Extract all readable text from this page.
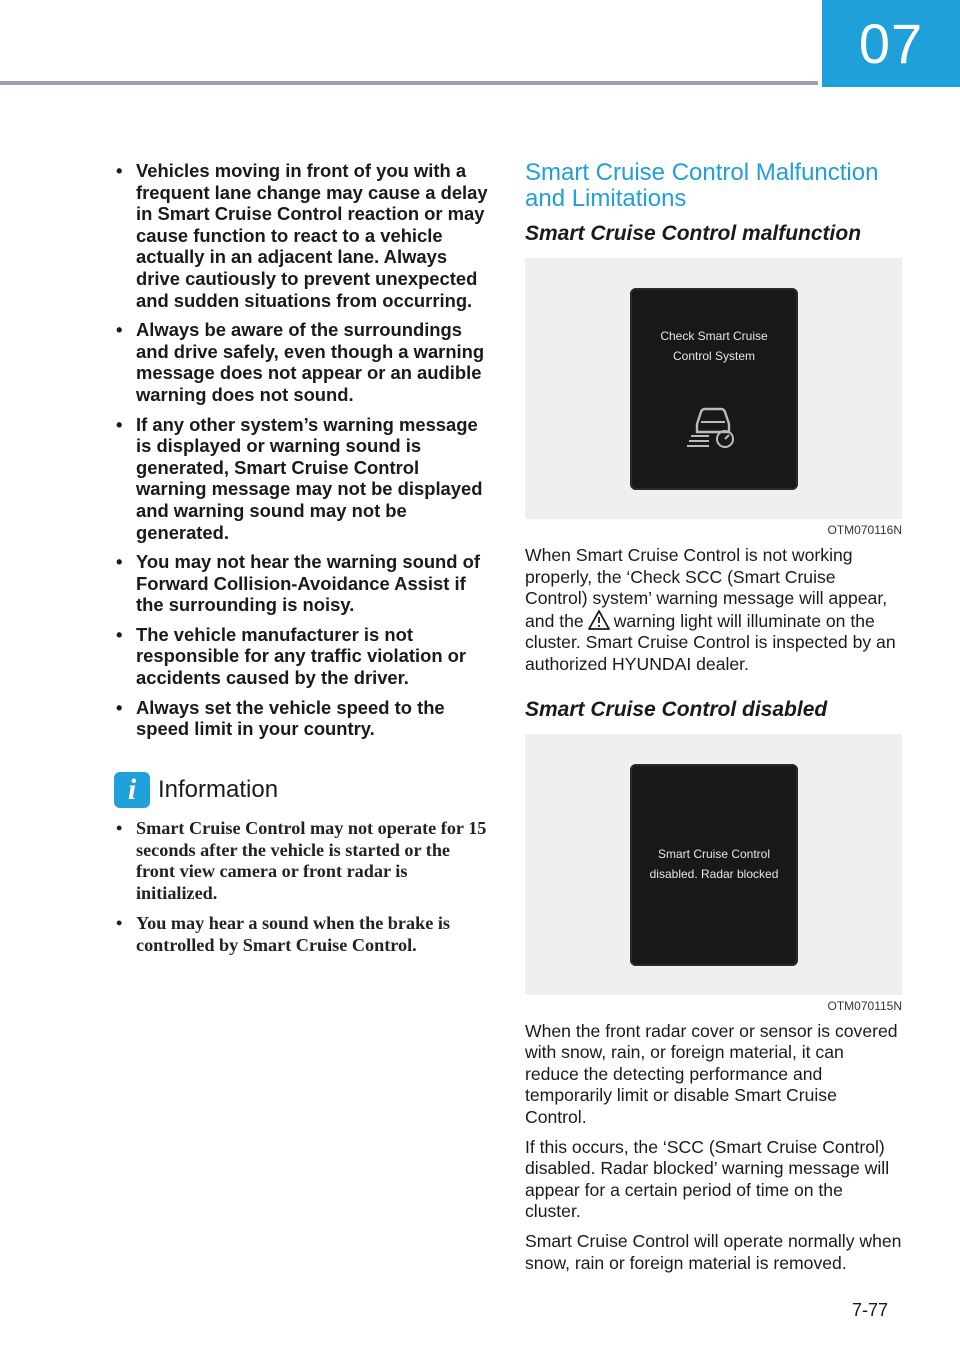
07
• Vehicles moving in front of you with a frequent lane change may cause a delay in Smart Cruise Control reaction or may cause function to react to a vehicle actually in an adjacent lane. Always drive cautiously to prevent unexpected and sudden situations from occurring.
• Always be aware of the surroundings and drive safely, even though a warning message does not appear or an audible warning does not sound.
• If any other system’s warning message is displayed or warning sound is generated, Smart Cruise Control warning message may not be displayed and warning sound may not be generated.
• You may not hear the warning sound of Forward Collision-Avoidance Assist if the surrounding is noisy.
• The vehicle manufacturer is not responsible for any traffic violation or accidents caused by the driver.
• Always set the vehicle speed to the speed limit in your country.
i Information
• Smart Cruise Control may not operate for 15 seconds after the vehicle is started or the front view camera or front radar is initialized.
• You may hear a sound when the brake is controlled by Smart Cruise Control.
Smart Cruise Control Malfunction and Limitations
Smart Cruise Control malfunction
Check Smart Cruise
Control System
OTM070116N

When Smart Cruise Control is not working properly, the ‘Check SCC (Smart Cruise Control) system’ warning message will appear, and the warning light will illuminate on the cluster. Smart Cruise Control is inspected by an authorized HYUNDAI dealer.

Smart Cruise Control disabled
Smart Cruise Control
disabled. Radar blocked
OTM070115N

When the front radar cover or sensor is covered with snow, rain, or foreign material, it can reduce the detecting performance and temporarily limit or disable Smart Cruise Control.

If this occurs, the ‘SCC (Smart Cruise Control) disabled. Radar blocked’ warning message will appear for a certain period of time on the cluster.

Smart Cruise Control will operate normally when snow, rain or foreign material is removed.

7-77
